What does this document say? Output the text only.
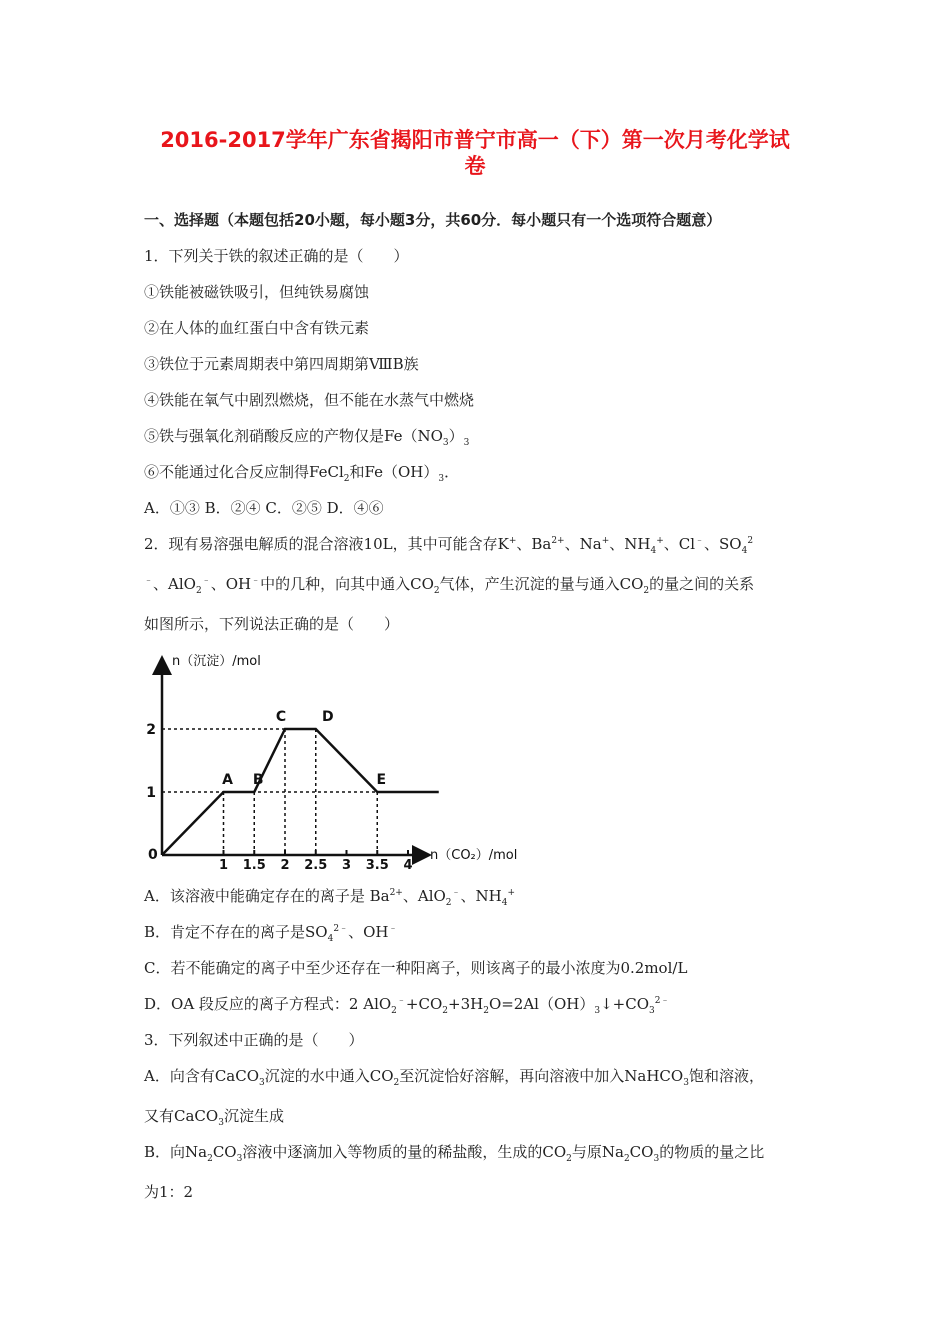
2016-2017学年广东省揭阳市普宁市高一（下）第一次月考化学试
卷
一、选择题（本题包括20小题，每小题3分，共60分．每小题只有一个选项符合题意）
1．下列关于铁的叙述正确的是（　　）
①铁能被磁铁吸引，但纯铁易腐蚀
②在人体的血红蛋白中含有铁元素
③铁位于元素周期表中第四周期第ⅧB族
④铁能在氧气中剧烈燃烧，但不能在水蒸气中燃烧
⑤铁与强氧化剂硝酸反应的产物仅是$Fe(NO_3)_3$
⑥不能通过化合反应制得FeCl$_2$和$Fe(OH)_3$．
A．①③ B．②④ C．②⑤ D．④⑥
2．现有易溶强电解质的混合溶液10L，其中可能含存K+、$Ba^{2+}$、Na+、$NH_4^+$、Cl﹣、$SO_4^2$
﹣、AlO$_2$﹣、OH﹣中的几种，向其中通入$CO_2$气体，产生沉淀的量与通入$CO_2$的量之间的关系
如图所示，下列说法正确的是（　　）
n（沉淀）/mol
n（CO₂）/mol
0
1 1.5 2 2.5 3 3.5 4
1
2
A B
C	D
E
A．该溶液中能确定存在的离子是 $Ba^{2+}$、AlO$_2$﹣、$NH_4^+$
B．肯定不存在的离子是$SO_4^{2﹣}$、OH﹣
C．若不能确定的离子中至少还存在一种阳离子，则该离子的最小浓度为0.2mol/L
D．OA 段反应的离子方程式：2 $AlO_2^﹣+CO_2+3H_2O=2Al(OH)_3↓+CO_3^{2﹣}$
3．下列叙述中正确的是（　　）
A．向含有CaCO$_3$沉淀的水中通入$CO_2$至沉淀恰好溶解，再向溶液中加入NaHCO$_3$饱和溶液，
又有CaCO$_3$沉淀生成
B．向$Na_2CO_3$溶液中逐滴加入等物质的量的稀盐酸，生成的$CO_2$与原$Na_2CO_3$的物质的量之比
为1：2
